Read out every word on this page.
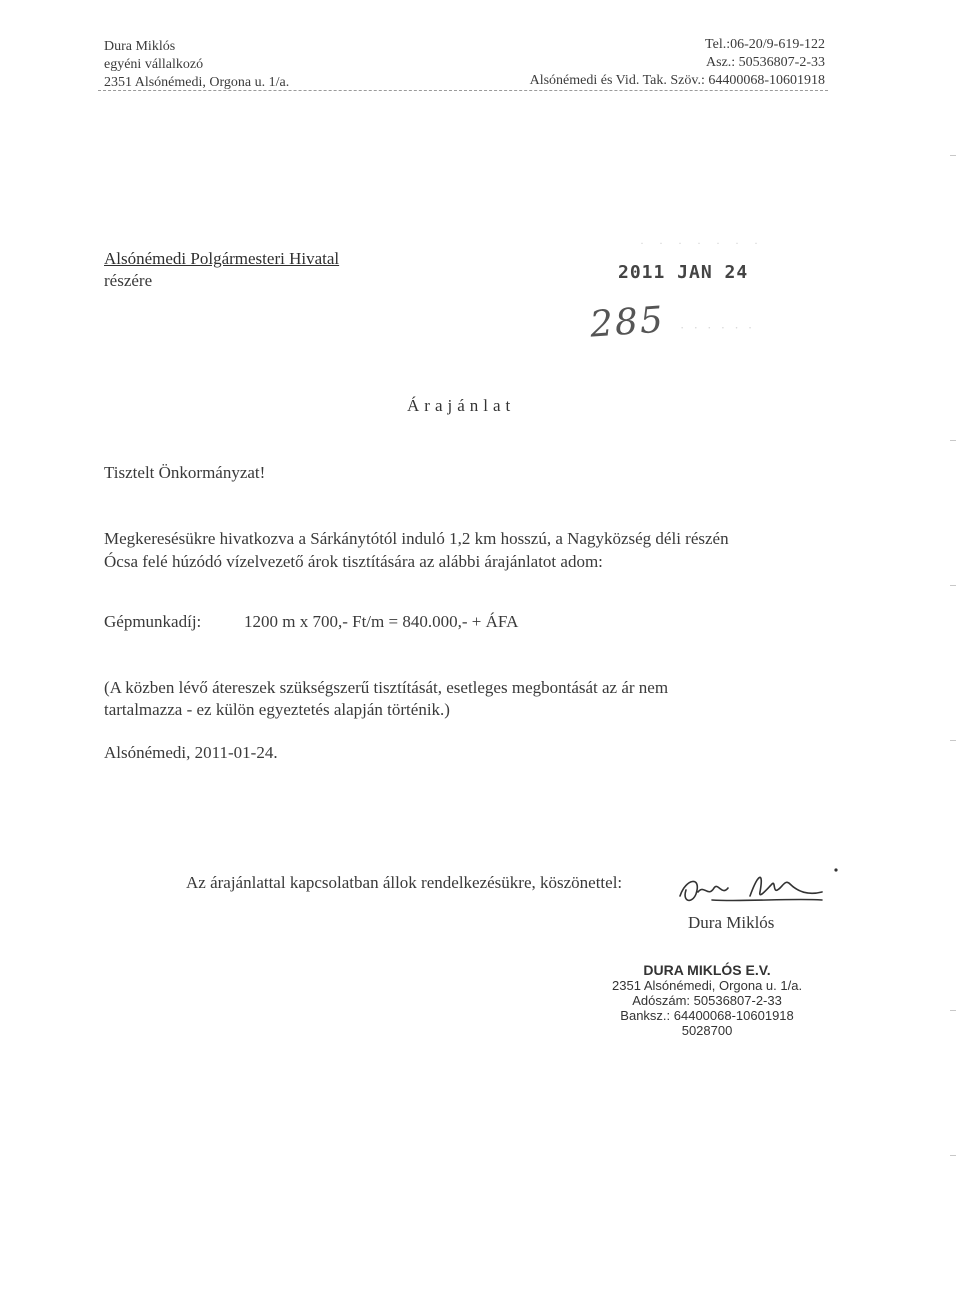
Dura Miklós
egyéni vállalkozó
2351 Alsónémedi, Orgona u. 1/a.
Tel.:06-20/9-619-122
Asz.: 50536807-2-33
Alsónémedi és Vid. Tak. Szöv.: 64400068-10601918
Alsónémedi Polgármesteri Hivatal
részére
· · · · · · ·
2011 JAN 24
285 · · · · · ·
Árajánlat
Tisztelt Önkormányzat!
Megkeresésükre hivatkozva a Sárkánytótól induló 1,2 km hosszú, a Nagyközség déli részén
Ócsa felé húzódó vízelvezető árok tisztítására az alábbi árajánlatot adom:
Gépmunkadíj:	1200 m x 700,- Ft/m = 840.000,- + ÁFA
(A közben lévő átereszek szükségszerű tisztítását, esetleges megbontását az ár nem
tartalmazza - ez külön egyeztetés alapján történik.)
Alsónémedi, 2011-01-24.
Az árajánlattal kapcsolatban állok rendelkezésükre, köszönettel:
Dura Miklós
DURA MIKLÓS E.V.
2351 Alsónémedi, Orgona u. 1/a.
Adószám: 50536807-2-33
Banksz.: 64400068-10601918
5028700
